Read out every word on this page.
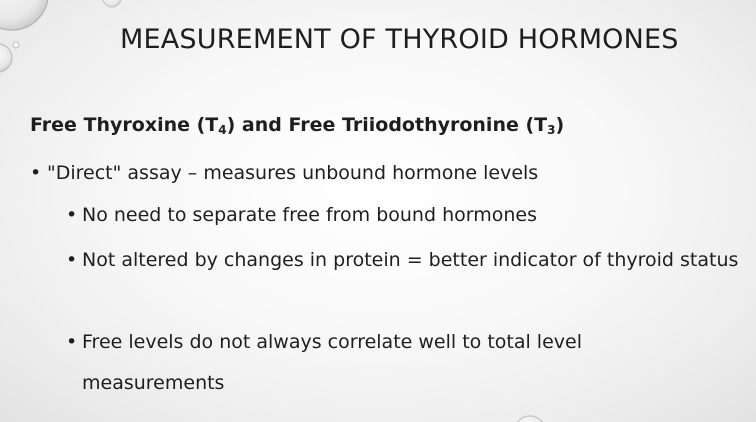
MEASUREMENT OF THYROID HORMONES
Free Thyroxine $(T_4)$ and Free Triiodothyronine $(T_3)$
• "Direct" assay – measures unbound hormone levels
• No need to separate free from bound hormones
• Not altered by changes in protein = better indicator of thyroid status
• Free levels do not always correlate well to total level measurements
